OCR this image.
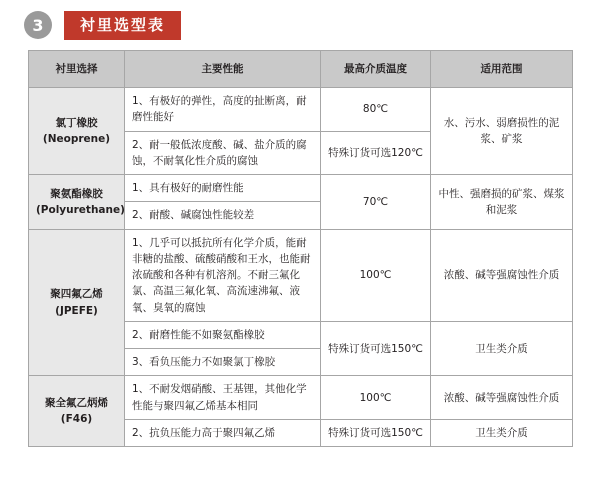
3	衬里选型表
衬里选择	主要性能	最高介质温度	适用范围

氯丁橡胶
(Neoprene)	1、有极好的弹性，高度的扯断离，耐磨性能好	80℃	水、污水、弱磨损性的泥浆、矿浆
	2、耐一般低浓度酸、碱、盐介质的腐蚀，不耐氧化性介质的腐蚀	特殊订货可选120℃	

聚氨酯橡胶
(Polyurethane)	1、具有极好的耐磨性能	70℃	中性、强磨损的矿浆、煤浆和泥浆
	2、耐酸、碱腐蚀性能较差		

聚四氟乙烯
(JPEFE)	1、几乎可以抵抗所有化学介质，能耐非糖的盐酸、硫酸硝酸和王水，也能耐浓硫酸和各种有机溶剂。不耐三氟化氯、高温三氟化氧、高流速沸氟、液氧、臭氧的腐蚀	100℃	浓酸、碱等强腐蚀性介质
	2、耐磨性能不如聚氨酯橡胶	特殊订货可选150℃	卫生类介质
	3、看负压能力不如聚氯丁橡胶		

聚全氟乙炳烯
(F46)	1、不耐发烟硝酸、王基锂，其他化学性能与聚四氟乙烯基本相同	100℃	浓酸、碱等强腐蚀性介质
	2、抗负压能力高于聚四氟乙烯	特殊订货可选150℃	卫生类介质
